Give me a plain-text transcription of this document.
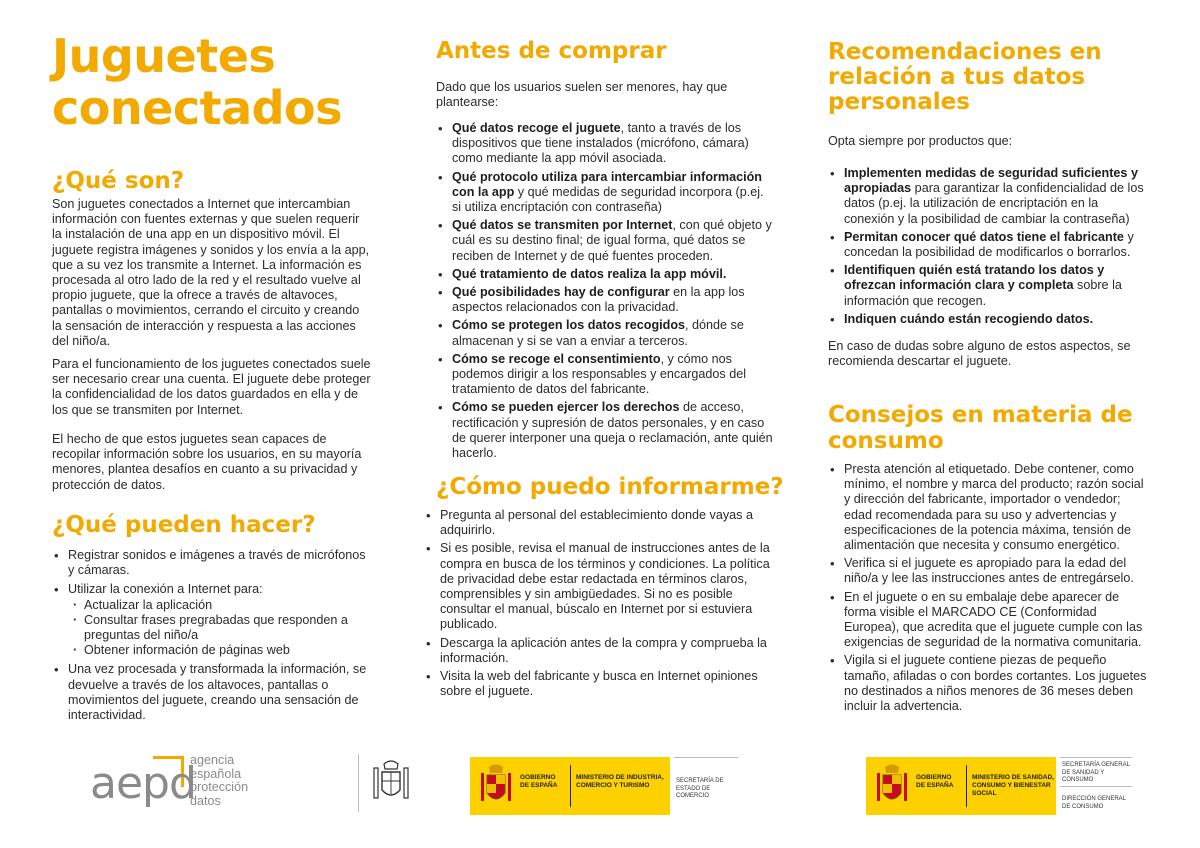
Juguetes
conectados
¿Qué son?

Son juguetes conectados a Internet que intercambian información con fuentes externas y que suelen requerir la instalación de una app en un dispositivo móvil. El juguete registra imágenes y sonidos y los envía a la app, que a su vez los transmite a Internet. La información es procesada al otro lado de la red y el resultado vuelve al propio juguete, que la ofrece a través de altavoces, pantallas o movimientos, cerrando el circuito y creando la sensación de interacción y respuesta a las acciones del niño/a.

Para el funcionamiento de los juguetes conectados suele ser necesario crear una cuenta. El juguete debe proteger la confidencialidad de los datos guardados en ella y de los que se transmiten por Internet.

El hecho de que estos juguetes sean capaces de recopilar información sobre los usuarios, en su mayoría menores, plantea desafíos en cuanto a su privacidad y protección de datos.

¿Qué pueden hacer?
• Registrar sonidos e imágenes a través de micrófonos y cámaras.
• Utilizar la conexión a Internet para:
· Actualizar la aplicación
· Consultar frases pregrabadas que responden a preguntas del niño/a
· Obtener información de páginas web
• Una vez procesada y transformada la información, se devuelve a través de los altavoces, pantallas o movimientos del juguete, creando una sensación de interactividad.
Antes de comprar

Dado que los usuarios suelen ser menores, hay que plantearse:

• Qué datos recoge el juguete, tanto a través de los dispositivos que tiene instalados (micrófono, cámara) como mediante la app móvil asociada.
• Qué protocolo utiliza para intercambiar información con la app y qué medidas de seguridad incorpora (p.ej. si utiliza encriptación con contraseña)
• Qué datos se transmiten por Internet, con qué objeto y cuál es su destino final; de igual forma, qué datos se reciben de Internet y de qué fuentes proceden.
• Qué tratamiento de datos realiza la app móvil.
• Qué posibilidades hay de configurar en la app los aspectos relacionados con la privacidad.
• Cómo se protegen los datos recogidos, dónde se almacenan y si se van a enviar a terceros.
• Cómo se recoge el consentimiento, y cómo nos podemos dirigir a los responsables y encargados del tratamiento de datos del fabricante.
• Cómo se pueden ejercer los derechos de acceso, rectificación y supresión de datos personales, y en caso de querer interponer una queja o reclamación, ante quién hacerlo.
¿Cómo puedo informarme?
• Pregunta al personal del establecimiento donde vayas a adquirirlo.
• Si es posible, revisa el manual de instrucciones antes de la compra en busca de los términos y condiciones. La política de privacidad debe estar redactada en términos claros, comprensibles y sin ambigüedades. Si no es posible consultar el manual, búscalo en Internet por si estuviera publicado.
• Descarga la aplicación antes de la compra y comprueba la información.
• Visita la web del fabricante y busca en Internet opiniones sobre el juguete.
Recomendaciones en
relación a tus datos
personales

Opta siempre por productos que:

• Implementen medidas de seguridad suficientes y apropiadas para garantizar la confidencialidad de los datos (p.ej. la utilización de encriptación en la conexión y la posibilidad de cambiar la contraseña)
• Permitan conocer qué datos tiene el fabricante y concedan la posibilidad de modificarlos o borrarlos.
• Identifiquen quién está tratando los datos y ofrezcan información clara y completa sobre la información que recogen.
• Indiquen cuándo están recogiendo datos.

En caso de dudas sobre alguno de estos aspectos, se recomienda descartar el juguete.

Consejos en materia de
consumo
• Presta atención al etiquetado. Debe contener, como mínimo, el nombre y marca del producto; razón social y dirección del fabricante, importador o vendedor; edad recomendada para su uso y advertencias y especificaciones de la potencia máxima, tensión de alimentación que necesita y consumo energético.
• Verifica si el juguete es apropiado para la edad del niño/a y lee las instrucciones antes de entregárselo.
• En el juguete o en su embalaje debe aparecer de forma visible el MARCADO CE (Conformidad Europea), que acredita que el juguete cumple con las exigencias de seguridad de la normativa comunitaria.
• Vigila si el juguete contiene piezas de pequeño tamaño, afiladas o con bordes cortantes. Los juguetes no destinados a niños menores de 36 meses deben incluir la advertencia.
aepd
agencia
española
protección
datos
GOBIERNO DE ESPAÑA
MINISTERIO DE INDUSTRIA, COMERCIO Y TURISMO
SECRETARÍA DE ESTADO DE COMERCIO
GOBIERNO DE ESPAÑA
MINISTERIO DE SANIDAD, CONSUMO Y BIENESTAR SOCIAL
SECRETARÍA GENERAL DE SANIDAD Y CONSUMO
DIRECCIÓN GENERAL DE CONSUMO
